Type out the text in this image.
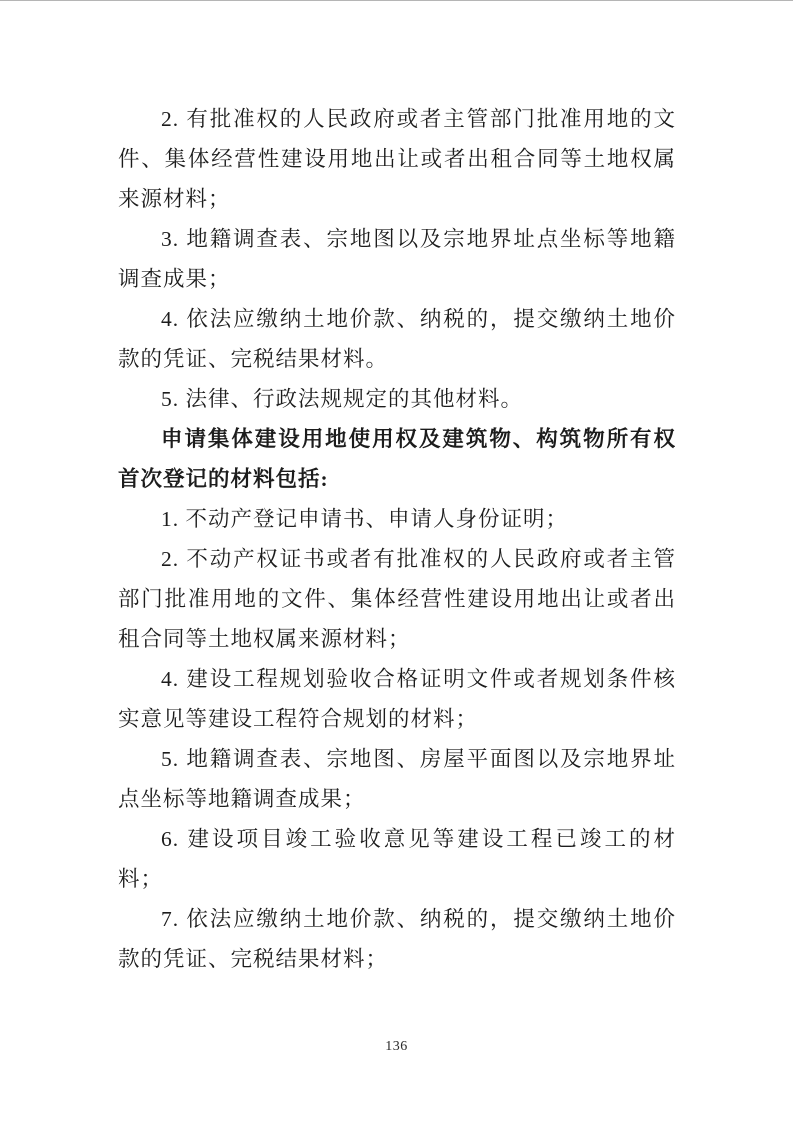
2. 有批准权的人民政府或者主管部门批准用地的文件、集体经营性建设用地出让或者出租合同等土地权属来源材料；

3. 地籍调查表、宗地图以及宗地界址点坐标等地籍调查成果；

4. 依法应缴纳土地价款、纳税的，提交缴纳土地价款的凭证、完税结果材料。

5. 法律、行政法规规定的其他材料。

申请集体建设用地使用权及建筑物、构筑物所有权首次登记的材料包括:

1. 不动产登记申请书、申请人身份证明；

2. 不动产权证书或者有批准权的人民政府或者主管部门批准用地的文件、集体经营性建设用地出让或者出租合同等土地权属来源材料；

4. 建设工程规划验收合格证明文件或者规划条件核实意见等建设工程符合规划的材料；

5. 地籍调查表、宗地图、房屋平面图以及宗地界址点坐标等地籍调查成果；

6. 建设项目竣工验收意见等建设工程已竣工的材料；

7. 依法应缴纳土地价款、纳税的，提交缴纳土地价款的凭证、完税结果材料；

136
